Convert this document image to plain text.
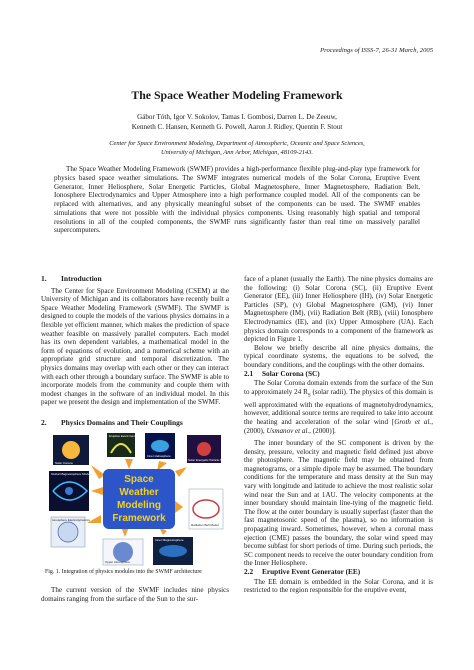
Proceedings of ISSS-7, 26-31 March, 2005
The Space Weather Modeling Framework
Gábor Tóth, Igor V. Sokolov, Tamas I. Gombosi, Darren L. De Zeeuw,
Kenneth C. Hansen, Kenneth G. Powell, Aaron J. Ridley, Quentin F. Stout
Center for Space Environment Modeling, Department of Atmospheric, Oceanic and Space Sciences,
University of Michigan, Ann Arbor, Michigan, 48109-2143.

The Space Weather Modeling Framework (SWMF) provides a high-performance flexible plug-and-play type framework for physics based space weather simulations. The SWMF integrates numerical models of the Solar Corona, Eruptive Event Generator, Inner Heliosphere, Solar Energetic Particles, Global Magnetosphere, Inner Magnetosphere, Radiation Belt, Ionosphere Electrodynamics and Upper Atmosphere into a high performance coupled model. All of the components can be replaced with alternatives, and any physically meaningful subset of the components can be used. The SWMF enables simulations that were not possible with the individual physics components. Using reasonably high spatial and temporal resolutions in all of the coupled components, the SWMF runs significantly faster than real time on massively parallel supercomputers.

1. Introduction

The Center for Space Environment Modeling (CSEM) at the University of Michigan and its collaborators have recently built a Space Weather Modeling Framework (SWMF). The SWMF is designed to couple the models of the various physics domains in a flexible yet efficient manner, which makes the prediction of space weather feasible on massively parallel computers. Each model has its own dependent variables, a mathematical model in the form of equations of evolution, and a numerical scheme with an appropriate grid structure and temporal discretization. The physics domains may overlap with each other or they can interact with each other through a boundary surface. The SWMF is able to incorporate models from the community and couple them with modest changes in the software of an individual model. In this paper we present the design and implementation of the SWMF.

2. Physics Domains and Their Couplings
Space
Weather
Modeling
Framework
Solar Corona
Eruptive Event Generator
Inner Heliosphere
Solar Energetic Particle Model
Global Magnetosphere Model
Inner Magnetosphere
Ionosphere Electrodynamics
Upper Atmosphere
Radiation Belt Model
Fig. 1. Integration of physics modules into the SWMF architecture

The current version of the SWMF includes nine physics domains ranging from the surface of the Sun to the sur-

face of a planet (usually the Earth). The nine physics domains are the following: (i) Solar Corona (SC), (ii) Eruptive Event Generator (EE), (iii) Inner Heliosphere (IH), (iv) Solar Energetic Particles (SP), (v) Global Magnetosphere (GM), (vi) Inner Magnetosphere (IM), (vii) Radiation Belt (RB), (viii) Ionosphere Electrodynamics (IE), and (ix) Upper Atmosphere (UA). Each physics domain corresponds to a component of the framework as depicted in Figure 1.

Below we briefly describe all nine physics domains, the typical coordinate systems, the equations to be solved, the boundary conditions, and the couplings with the other domains.

2.1 Solar Corona (SC)

The Solar Corona domain extends from the surface of the Sun to approximately 24 $R_S$ (solar radii). The physics of this domain is well approximated with the equations of magnetohydrodynamics, however, additional source terms are required to take into account the heating and acceleration of the solar wind [Groth et al., (2000), Usmanov et al., (2000)].

The inner boundary of the SC component is driven by the density, pressure, velocity and magnetic field defined just above the photosphere. The magnetic field may be obtained from magnetograms, or a simple dipole may be assumed. The boundary conditions for the temperature and mass density at the Sun may vary with longitude and latitude to achieve the most realistic solar wind near the Sun and at 1AU. The velocity components at the inner boundary should maintain line-tying of the magnetic field. The flow at the outer boundary is usually superfast (faster than the fast magnetosonic speed of the plasma), so no information is propagating inward. Sometimes, however, when a coronal mass ejection (CME) passes the boundary, the solar wind speed may become subfast for short periods of time. During such periods, the SC component needs to receive the outer boundary condition from the Inner Heliosphere.

2.2 Eruptive Event Generator (EE)

The EE domain is embedded in the Solar Corona, and it is restricted to the region responsible for the eruptive event,
